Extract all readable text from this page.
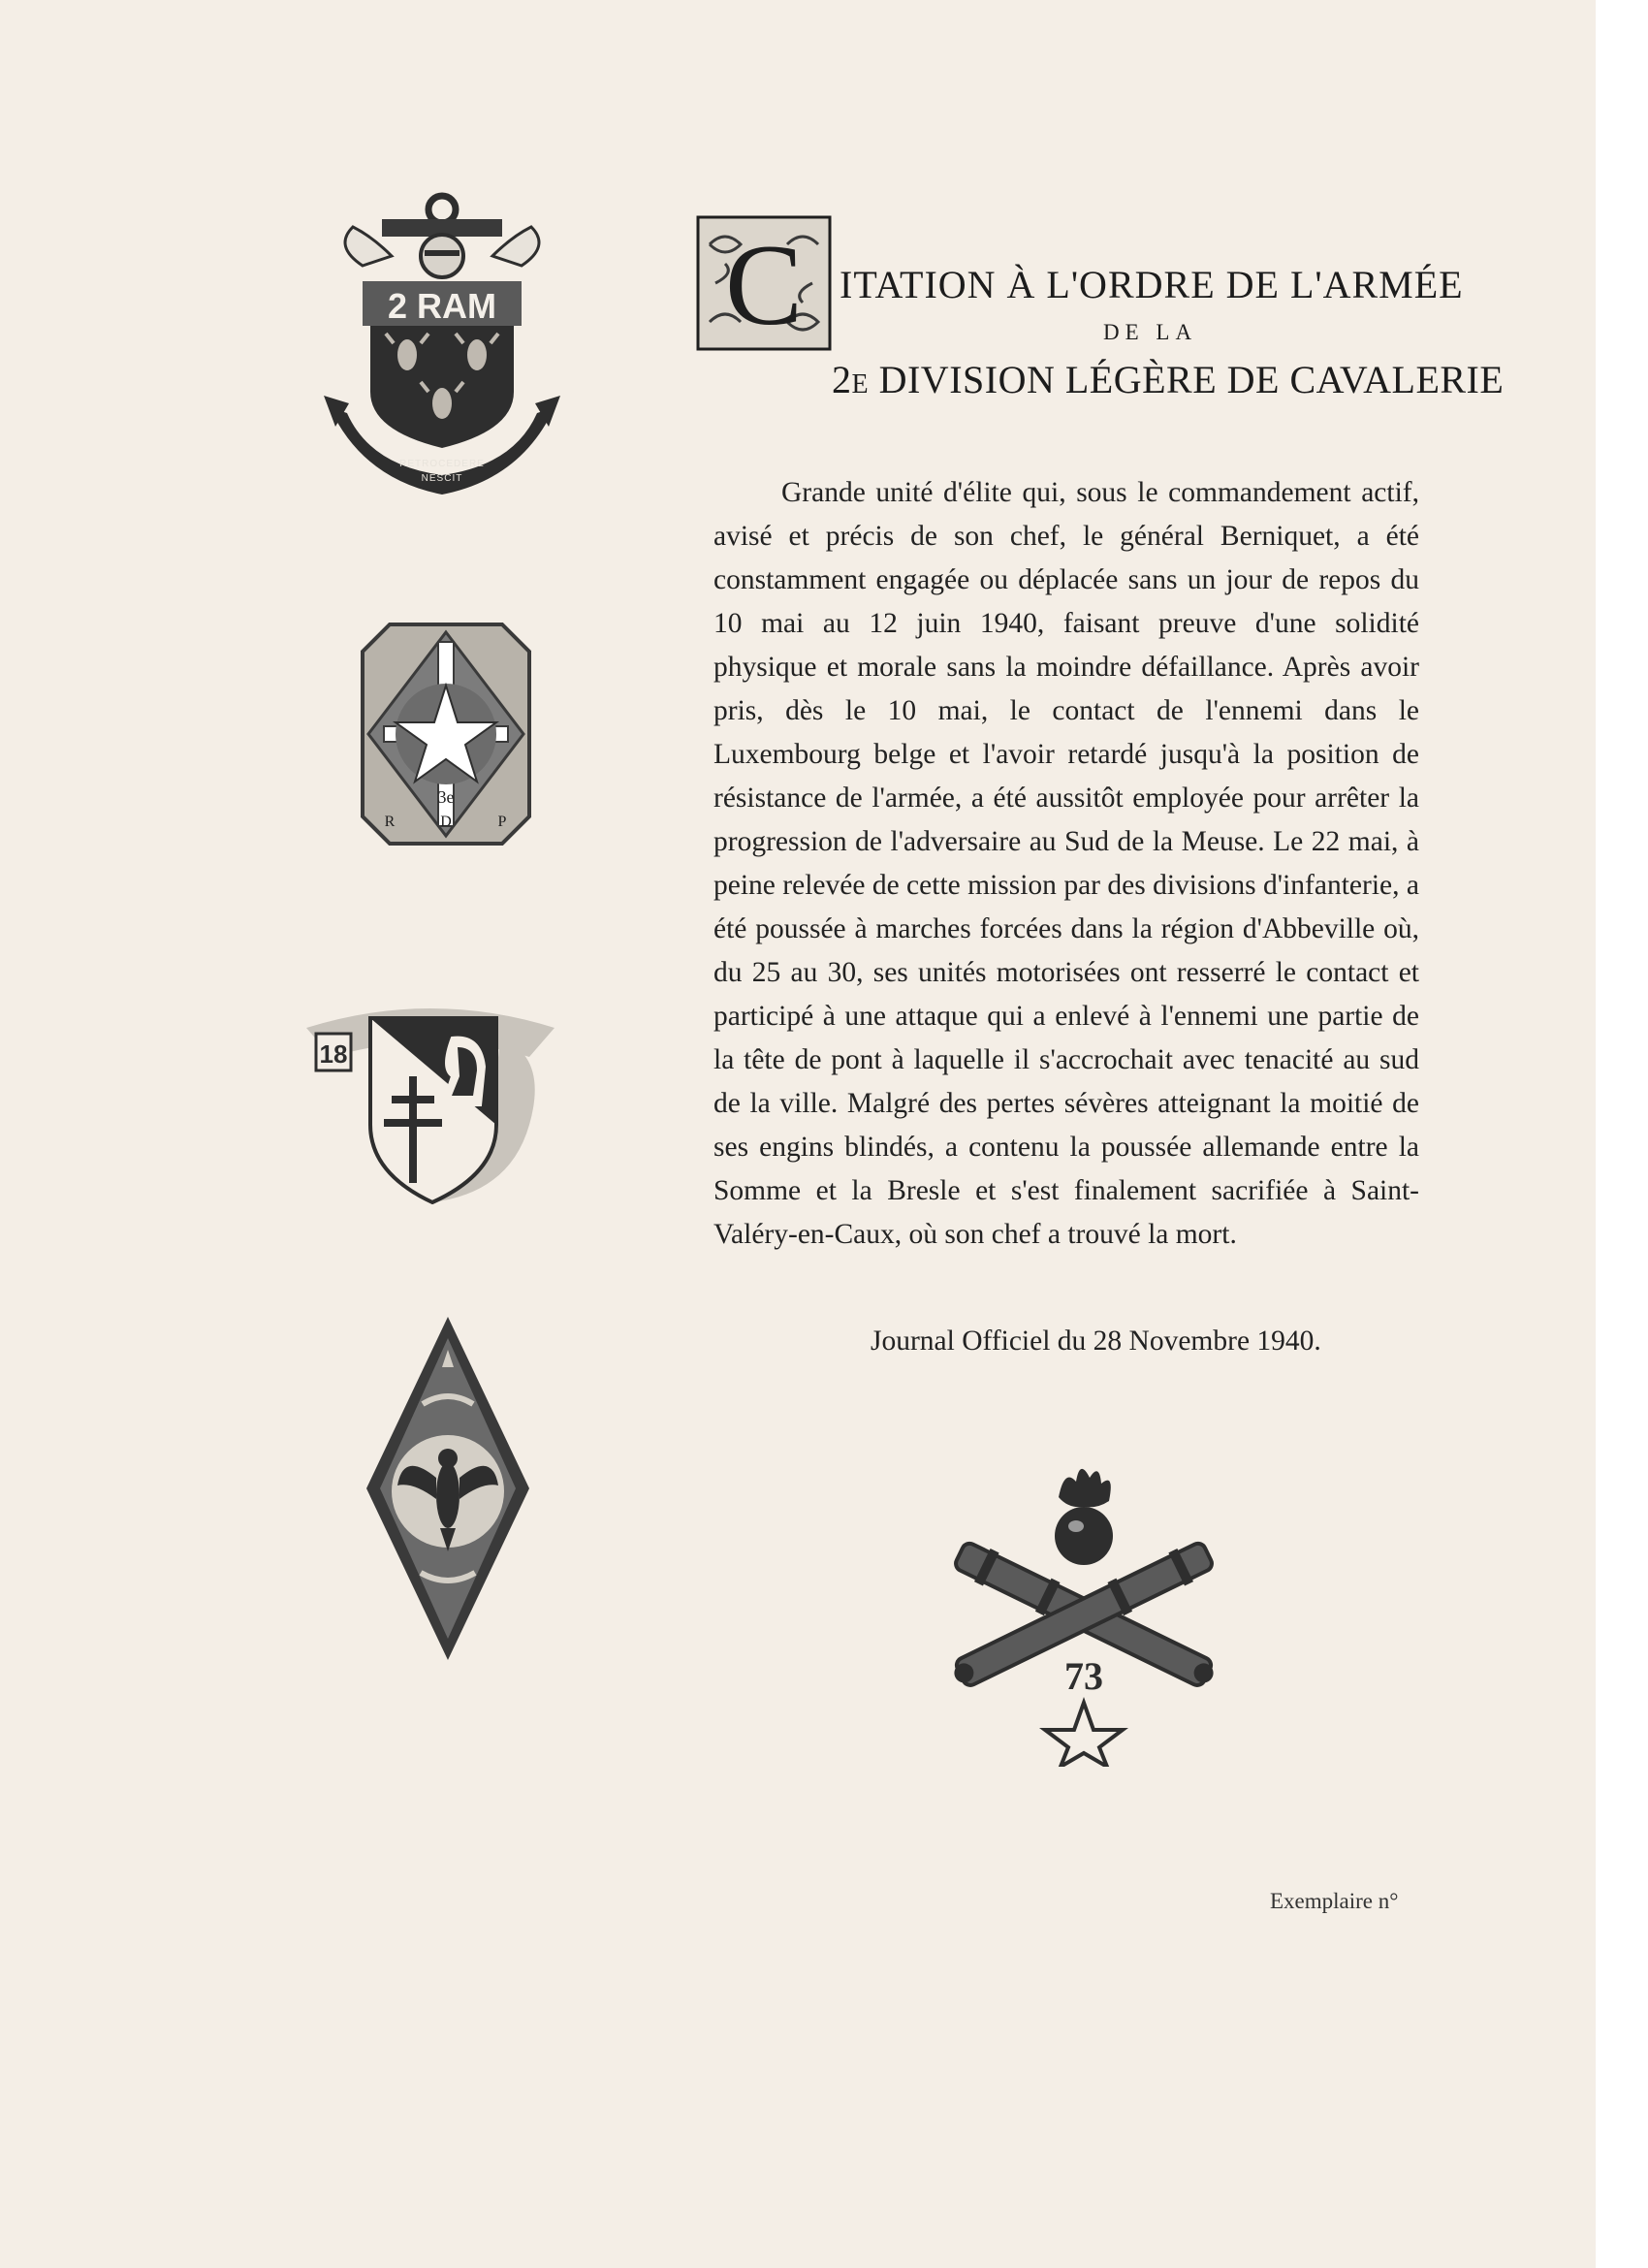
2 RAM
RETROCEDERE
NESCIT
3e
R	D	P
18
73
C ITATION À L'ORDRE DE L'ARMÉE
DE LA
2e DIVISION LÉGÈRE DE CAVALERIE

Grande unité d'élite qui, sous le commandement actif, avisé et précis de son chef, le général Berniquet, a été constamment engagée ou déplacée sans un jour de repos du 10 mai au 12 juin 1940, faisant preuve d'une solidité physique et morale sans la moindre défaillance. Après avoir pris, dès le 10 mai, le contact de l'ennemi dans le Luxembourg belge et l'avoir retardé jusqu'à la position de résistance de l'armée, a été aussitôt employée pour arrêter la progression de l'adversaire au Sud de la Meuse. Le 22 mai, à peine relevée de cette mission par des divisions d'infanterie, a été poussée à marches forcées dans la région d'Abbeville où, du 25 au 30, ses unités motorisées ont resserré le contact et participé à une attaque qui a enlevé à l'ennemi une partie de la tête de pont à laquelle il s'accrochait avec tenacité au sud de la ville. Malgré des pertes sévères atteignant la moitié de ses engins blindés, a contenu la poussée allemande entre la Somme et la Bresle et s'est finalement sacrifiée à Saint-Valéry-en-Caux, où son chef a trouvé la mort.

Journal Officiel du 28 Novembre 1940.
Exemplaire n°
